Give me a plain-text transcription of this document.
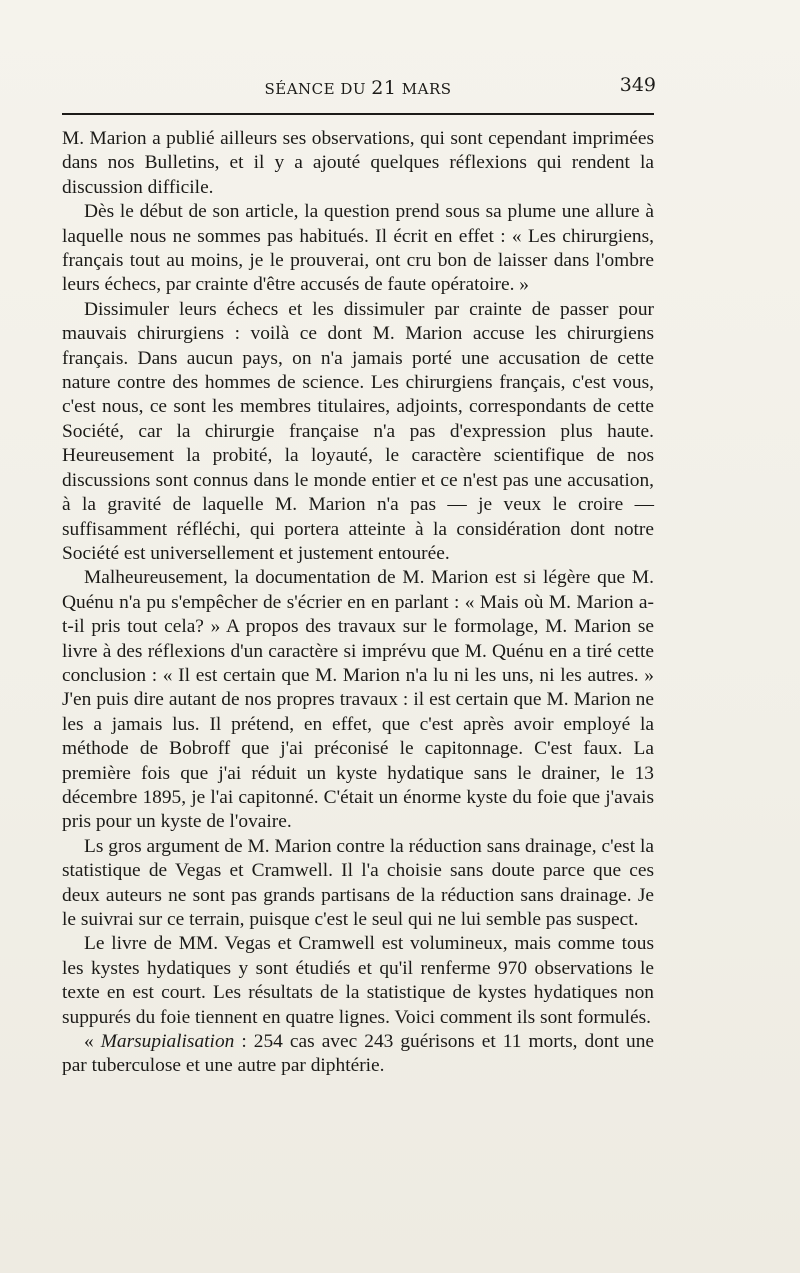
SÉANCE DU 21 MARS	349

M. Marion a publié ailleurs ses observations, qui sont cependant imprimées dans nos Bulletins, et il y a ajouté quelques réflexions qui rendent la discussion difficile.

Dès le début de son article, la question prend sous sa plume une allure à laquelle nous ne sommes pas habitués. Il écrit en effet : « Les chirurgiens, français tout au moins, je le prouverai, ont cru bon de laisser dans l'ombre leurs échecs, par crainte d'être accusés de faute opératoire. »

Dissimuler leurs échecs et les dissimuler par crainte de passer pour mauvais chirurgiens : voilà ce dont M. Marion accuse les chirurgiens français. Dans aucun pays, on n'a jamais porté une accusation de cette nature contre des hommes de science. Les chirurgiens français, c'est vous, c'est nous, ce sont les membres titulaires, adjoints, correspondants de cette Société, car la chirurgie française n'a pas d'expression plus haute. Heureusement la probité, la loyauté, le caractère scientifique de nos discussions sont connus dans le monde entier et ce n'est pas une accusation, à la gravité de laquelle M. Marion n'a pas — je veux le croire — suffisamment réfléchi, qui portera atteinte à la considération dont notre Société est universellement et justement entourée.

Malheureusement, la documentation de M. Marion est si légère que M. Quénu n'a pu s'empêcher de s'écrier en en parlant : « Mais où M. Marion a-t-il pris tout cela? » A propos des travaux sur le formolage, M. Marion se livre à des réflexions d'un caractère si imprévu que M. Quénu en a tiré cette conclusion : « Il est certain que M. Marion n'a lu ni les uns, ni les autres. » J'en puis dire autant de nos propres travaux : il est certain que M. Marion ne les a jamais lus. Il prétend, en effet, que c'est après avoir employé la méthode de Bobroff que j'ai préconisé le capitonnage. C'est faux. La première fois que j'ai réduit un kyste hydatique sans le drainer, le 13 décembre 1895, je l'ai capitonné. C'était un énorme kyste du foie que j'avais pris pour un kyste de l'ovaire.

Ls gros argument de M. Marion contre la réduction sans drainage, c'est la statistique de Vegas et Cramwell. Il l'a choisie sans doute parce que ces deux auteurs ne sont pas grands partisans de la réduction sans drainage. Je le suivrai sur ce terrain, puisque c'est le seul qui ne lui semble pas suspect.

Le livre de MM. Vegas et Cramwell est volumineux, mais comme tous les kystes hydatiques y sont étudiés et qu'il renferme 970 observations le texte en est court. Les résultats de la statistique de kystes hydatiques non suppurés du foie tiennent en quatre lignes. Voici comment ils sont formulés.

« Marsupialisation : 254 cas avec 243 guérisons et 11 morts, dont une par tuberculose et une autre par diphtérie.
